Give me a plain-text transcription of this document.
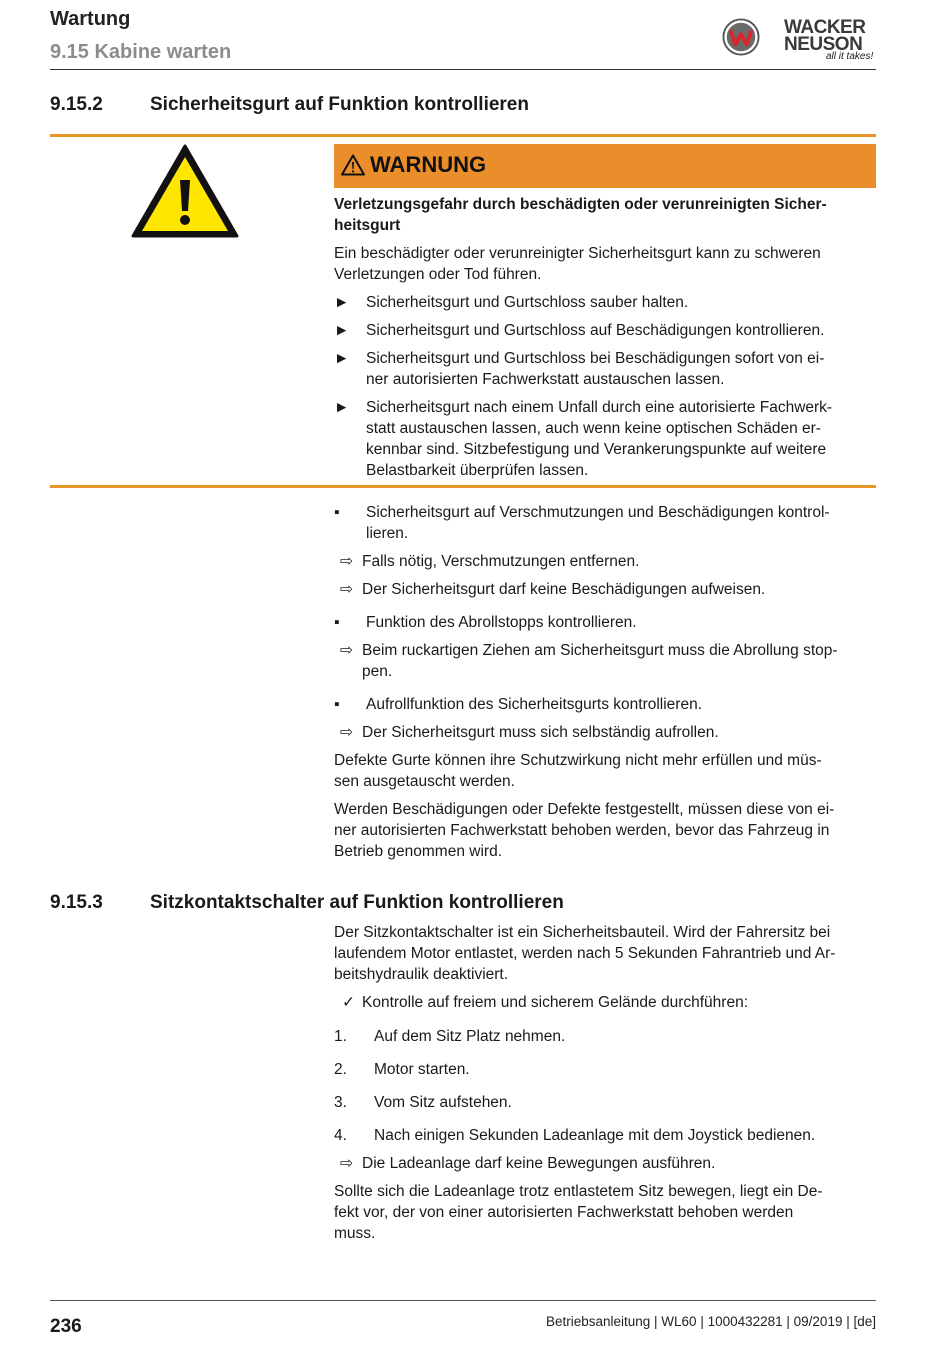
Wartung
9.15 Kabine warten
WACKER
NEUSON
all it takes!
9.15.2 Sicherheitsgurt auf Funktion kontrollieren
WARNUNG
Verletzungsgefahr durch beschädigten oder verunreinigten Sicher-
heitsgurt
Ein beschädigter oder verunreinigter Sicherheitsgurt kann zu schweren
Verletzungen oder Tod führen.
► Sicherheitsgurt und Gurtschloss sauber halten.
► Sicherheitsgurt und Gurtschloss auf Beschädigungen kontrollieren.
► Sicherheitsgurt und Gurtschloss bei Beschädigungen sofort von ei-
ner autorisierten Fachwerkstatt austauschen lassen.
► Sicherheitsgurt nach einem Unfall durch eine autorisierte Fachwerk-
statt austauschen lassen, auch wenn keine optischen Schäden er-
kennbar sind. Sitzbefestigung und Verankerungspunkte auf weitere
Belastbarkeit überprüfen lassen.
▪ Sicherheitsgurt auf Verschmutzungen und Beschädigungen kontrol-
lieren.
⇨ Falls nötig, Verschmutzungen entfernen.
⇨ Der Sicherheitsgurt darf keine Beschädigungen aufweisen.
▪ Funktion des Abrollstopps kontrollieren.
⇨ Beim ruckartigen Ziehen am Sicherheitsgurt muss die Abrollung stop-
pen.
▪ Aufrollfunktion des Sicherheitsgurts kontrollieren.
⇨ Der Sicherheitsgurt muss sich selbständig aufrollen.
Defekte Gurte können ihre Schutzwirkung nicht mehr erfüllen und müs-
sen ausgetauscht werden.
Werden Beschädigungen oder Defekte festgestellt, müssen diese von ei-
ner autorisierten Fachwerkstatt behoben werden, bevor das Fahrzeug in
Betrieb genommen wird.
9.15.3 Sitzkontaktschalter auf Funktion kontrollieren
Der Sitzkontaktschalter ist ein Sicherheitsbauteil. Wird der Fahrersitz bei
laufendem Motor entlastet, werden nach 5 Sekunden Fahrantrieb und Ar-
beitshydraulik deaktiviert.
✓ Kontrolle auf freiem und sicherem Gelände durchführen:
1. Auf dem Sitz Platz nehmen.
2. Motor starten.
3. Vom Sitz aufstehen.
4. Nach einigen Sekunden Ladeanlage mit dem Joystick bedienen.
⇨ Die Ladeanlage darf keine Bewegungen ausführen.
Sollte sich die Ladeanlage trotz entlastetem Sitz bewegen, liegt ein De-
fekt vor, der von einer autorisierten Fachwerkstatt behoben werden
muss.
236	Betriebsanleitung | WL60 | 1000432281 | 09/2019 | [de]
